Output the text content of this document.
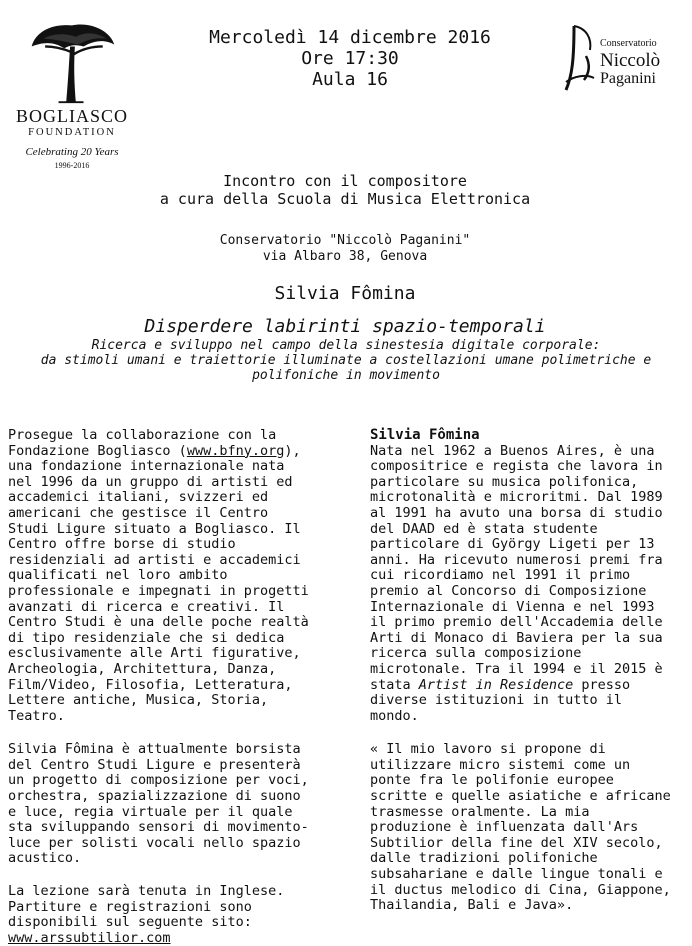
BOGLIASCO
FOUNDATION
Celebrating 20 Years
1996-2016
Conservatorio
Niccolò
Paganini
Mercoledì 14 dicembre 2016
Ore 17:30
Aula 16
Incontro con il compositore
a cura della Scuola di Musica Elettronica
Conservatorio "Niccolò Paganini"
via Albaro 38, Genova
Silvia Fômina
Disperdere labirinti spazio-temporali
Ricerca e sviluppo nel campo della sinestesia digitale corporale:
da stimoli umani e traiettorie illuminate a costellazioni umane polimetriche e
polifoniche in movimento

Prosegue la collaborazione con la
Fondazione Bogliasco (www.bfny.org),
una fondazione internazionale nata
nel 1996 da un gruppo di artisti ed
accademici italiani, svizzeri ed
americani che gestisce il Centro
Studi Ligure situato a Bogliasco. Il
Centro offre borse di studio
residenziali ad artisti e accademici
qualificati nel loro ambito
professionale e impegnati in progetti
avanzati di ricerca e creativi. Il
Centro Studi è una delle poche realtà
di tipo residenziale che si dedica
esclusivamente alle Arti figurative,
Archeologia, Architettura, Danza,
Film/Video, Filosofia, Letteratura,
Lettere antiche, Musica, Storia,
Teatro.

Silvia Fômina è attualmente borsista
del Centro Studi Ligure e presenterà
un progetto di composizione per voci,
orchestra, spazializzazione di suono
e luce, regia virtuale per il quale
sta sviluppando sensori di movimento-
luce per solisti vocali nello spazio
acustico.

La lezione sarà tenuta in Inglese.
Partiture e registrazioni sono
disponibili sul seguente sito:
www.arssubtilior.com

Silvia Fômina

Nata nel 1962 a Buenos Aires, è una
compositrice e regista che lavora in
particolare su musica polifonica,
microtonalità e microritmi. Dal 1989
al 1991 ha avuto una borsa di studio
del DAAD ed è stata studente
particolare di György Ligeti per 13
anni. Ha ricevuto numerosi premi fra
cui ricordiamo nel 1991 il primo
premio al Concorso di Composizione
Internazionale di Vienna e nel 1993
il primo premio dell'Accademia delle
Arti di Monaco di Baviera per la sua
ricerca sulla composizione
microtonale. Tra il 1994 e il 2015 è
stata Artist in Residence presso
diverse istituzioni in tutto il
mondo.

« Il mio lavoro si propone di
utilizzare micro sistemi come un
ponte fra le polifonie europee
scritte e quelle asiatiche e africane
trasmesse oralmente. La mia
produzione è influenzata dall'Ars
Subtilior della fine del XIV secolo,
dalle tradizioni polifoniche
subsahariane e dalle lingue tonali e
il ductus melodico di Cina, Giappone,
Thailandia, Bali e Java».
